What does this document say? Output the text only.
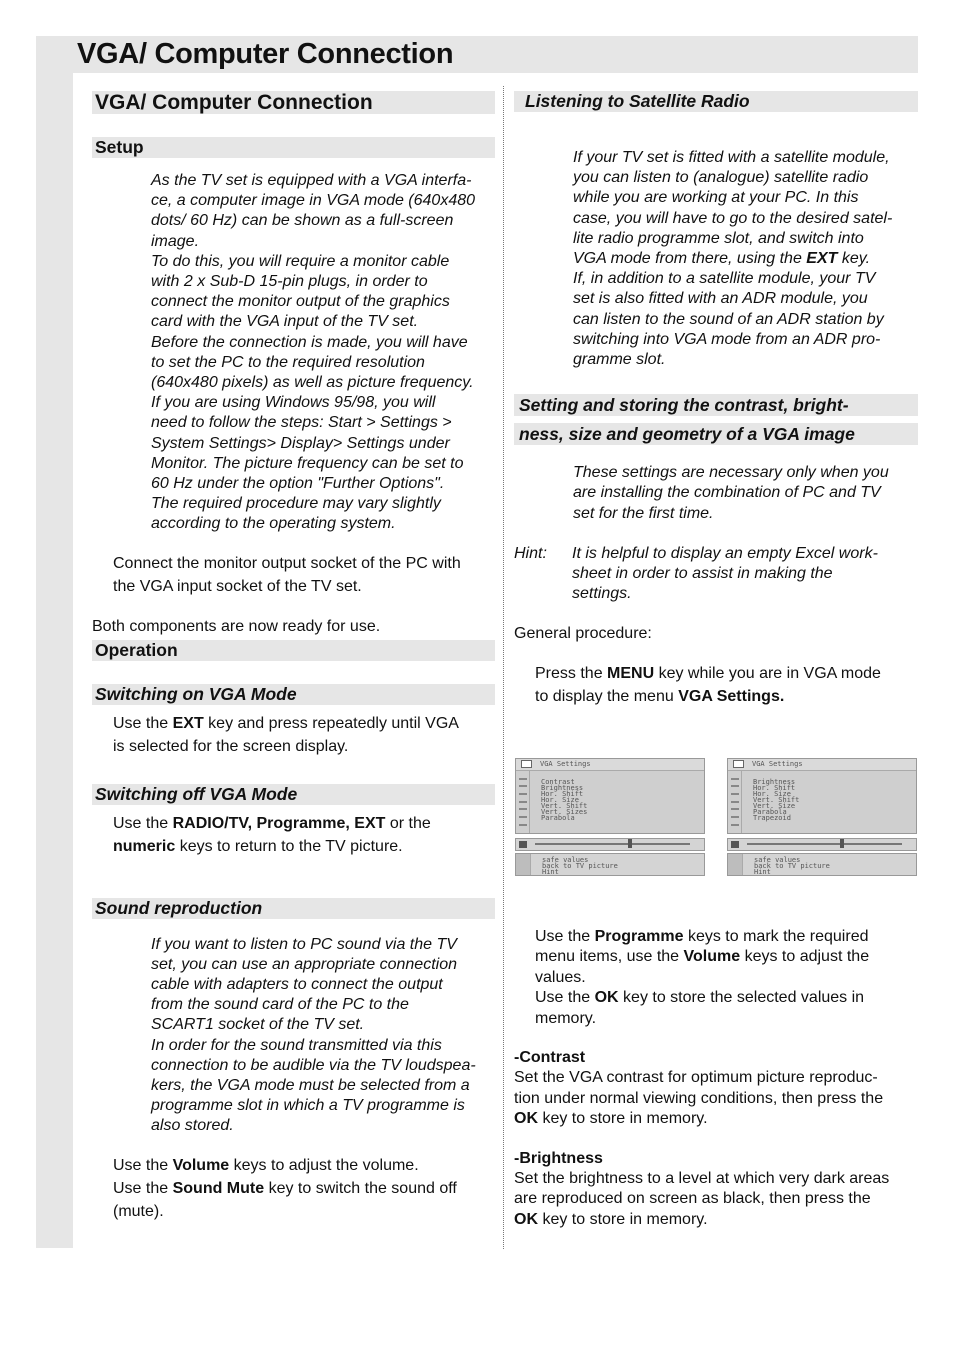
VGA/ Computer Connection
VGA/ Computer Connection
Setup
As the TV set is equipped with a VGA interfa-
ce, a computer image in VGA mode (640x480
dots/ 60 Hz) can be shown as a full-screen
image.
To do this, you will require a monitor cable
with 2 x Sub-D 15-pin plugs, in order to
connect the monitor output of the graphics
card with the VGA input of the TV set.
Before the connection is made, you will have
to set the PC to the required resolution
(640x480 pixels) as well as picture frequency.
If you are using Windows 95/98, you will
need to follow the steps: Start > Settings >
System Settings> Display> Settings under
Monitor. The picture frequency can be set to
60 Hz under the option "Further Options".
The required procedure may vary slightly
according to the operating system.
Connect the monitor output socket of the PC with
the VGA input socket of the TV set.
Both components are now ready for use.
Operation
Switching on VGA Mode
Use the EXT key and press repeatedly until VGA
is selected for the screen display.
Switching off VGA Mode
Use the RADIO/TV, Programme, EXT or the
numeric keys to return to the TV picture.
Sound reproduction
If you want to listen to PC sound via the TV
set, you can use an appropriate connection
cable with adapters to connect the output
from the sound card of the PC to the
SCART1 socket of the TV set.
In order for the sound transmitted via this
connection to be audible via the TV loudspea-
kers, the VGA mode must be selected from a
programme slot in which a TV programme is
also stored.
Use the Volume keys to adjust the volume.
Use the Sound Mute key to switch the sound off
(mute).
Listening to Satellite Radio
If your TV set is fitted with a satellite module,
you can listen to (analogue) satellite radio
while you are working at your PC. In this
case, you will have to go to the desired satel-
lite radio programme slot, and switch into
VGA mode from there, using the EXT key.
If, in addition to a satellite module, your TV
set is also fitted with an ADR module, you
can listen to the sound of an ADR station by
switching into VGA mode from an ADR pro-
gramme slot.
Setting and storing the contrast, bright-
ness, size and geometry of a VGA image
These settings are necessary only when you
are installing the combination of PC and TV
set for the first time.
Hint: It is helpful to display an empty Excel work-
sheet in order to assist in making the
settings.
General procedure:
Press the MENU key while you are in VGA mode
to display the menu VGA Settings.
VGA Settings
Contrast
Brightness
Hor. Shift
Hor. Size
Vert. Shift
Vert. Sizes
Parabola
safe values
back to TV picture
Hint
VGA Settings
Brightness
Hor. Shift
Hor. Size
Vert. Shift
Vert. Size
Parabola
Trapezoid
safe values
back to TV picture
Hint
Use the Programme keys to mark the required
menu items, use the Volume keys to adjust the
values.
Use the OK key to store the selected values in
memory.
-Contrast
Set the VGA contrast for optimum picture reproduc-
tion under normal viewing conditions, then press the
OK key to store in memory.
-Brightness
Set the brightness to a level at which very dark areas
are reproduced on screen as black, then press the
OK key to store in memory.
